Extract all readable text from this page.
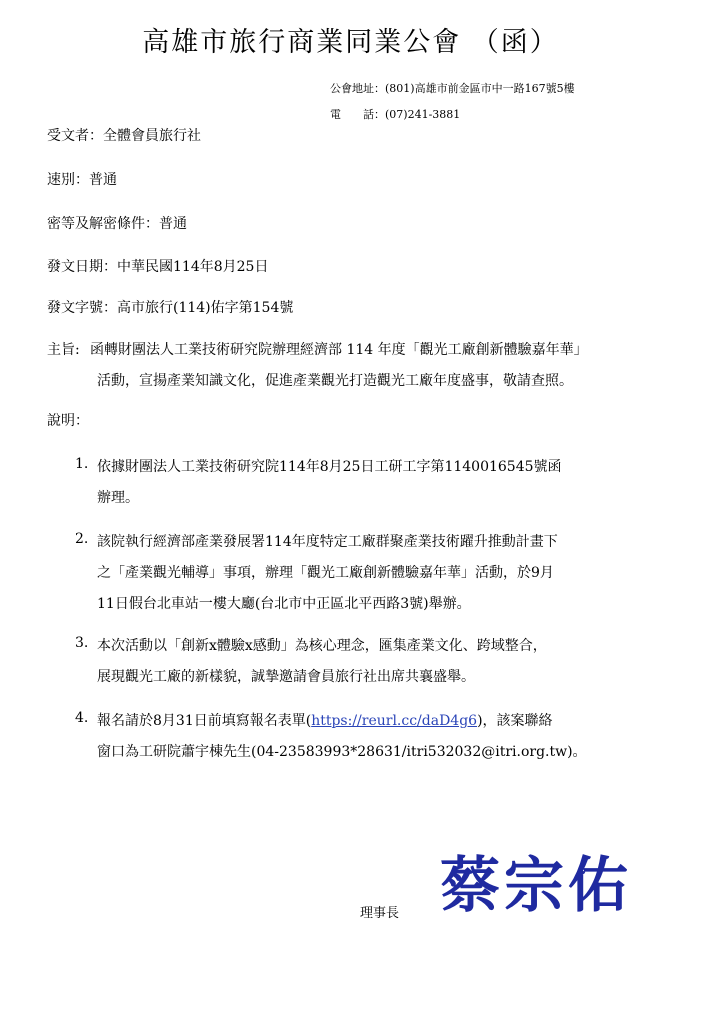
高雄市旅行商業同業公會 （函）
公會地址：(801)高雄市前金區市中一路167號5樓
電　　話：(07)241-3881
受文者：全體會員旅行社
速別：普通
密等及解密條件：普通
發文日期：中華民國114年8月25日
發文字號：高市旅行(114)佑字第154號
主旨: 函轉財團法人工業技術研究院辦理經濟部 114 年度「觀光工廠創新體驗嘉年華」
活動，宣揚產業知識文化，促進產業觀光打造觀光工廠年度盛事，敬請查照。
說明：
1. 依據財團法人工業技術研究院114年8月25日工研工字第1140016545號函
辦理。
2. 該院執行經濟部產業發展署114年度特定工廠群聚產業技術躍升推動計畫下
之「產業觀光輔導」事項，辦理「觀光工廠創新體驗嘉年華」活動，於9月
11日假台北車站一樓大廳(台北市中正區北平西路3號)舉辦。
3. 本次活動以「創新x體驗x感動」為核心理念，匯集產業文化、跨域整合，
展現觀光工廠的新樣貌，誠摯邀請會員旅行社出席共襄盛舉。
4. 報名請於8月31日前填寫報名表單(https://reurl.cc/daD4g6)，該案聯絡
窗口為工研院蕭宇棟先生(04-23583993*28631/itri532032@itri.org.tw)。
理事長 蔡宗佑
